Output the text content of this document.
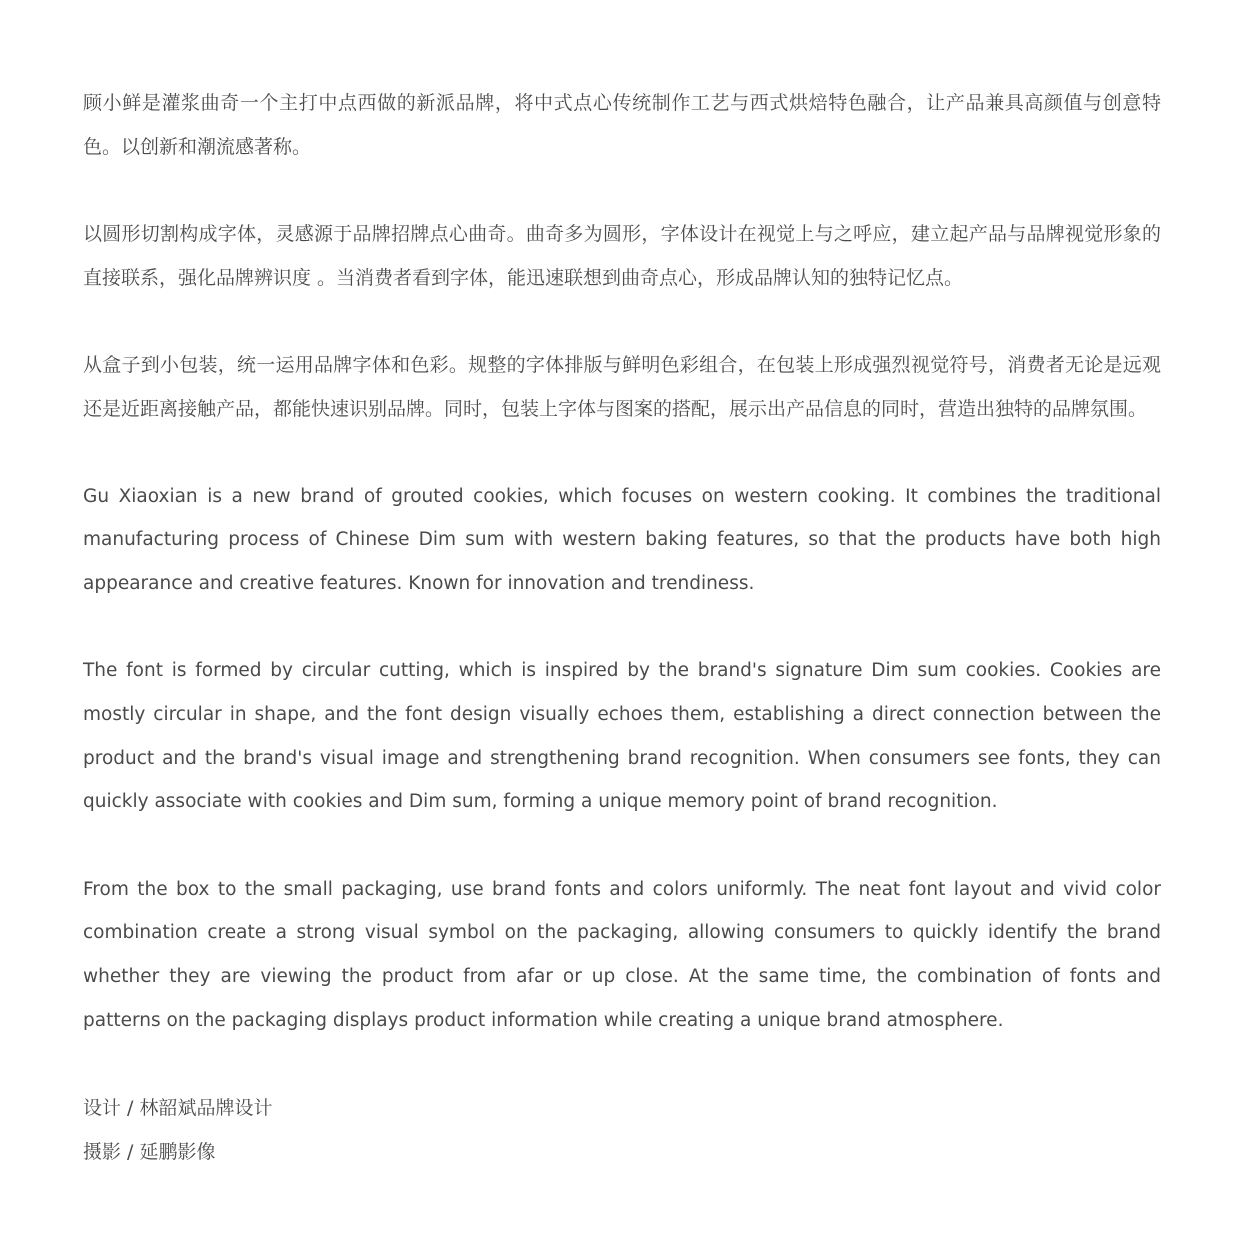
顾小鲜是灌浆曲奇一个主打中点西做的新派品牌，将中式点心传统制作工艺与西式烘焙特色融合，让产品兼具高颜值与创意特色。以创新和潮流感著称。

以圆形切割构成字体，灵感源于品牌招牌点心曲奇。曲奇多为圆形，字体设计在视觉上与之呼应，建立起产品与品牌视觉形象的直接联系，强化品牌辨识度 。当消费者看到字体，能迅速联想到曲奇点心，形成品牌认知的独特记忆点。

从盒子到小包装，统一运用品牌字体和色彩。规整的字体排版与鲜明色彩组合，在包装上形成强烈视觉符号，消费者无论是远观还是近距离接触产品，都能快速识别品牌。同时，包装上字体与图案的搭配，展示出产品信息的同时，营造出独特的品牌氛围。

Gu Xiaoxian is a new brand of grouted cookies, which focuses on western cooking. It combines the traditional manufacturing process of Chinese Dim sum with western baking features, so that the products have both high appearance and creative features. Known for innovation and trendiness.

The font is formed by circular cutting, which is inspired by the brand's signature Dim sum cookies. Cookies are mostly circular in shape, and the font design visually echoes them, establishing a direct connection between the product and the brand's visual image and strengthening brand recognition. When consumers see fonts, they can quickly associate with cookies and Dim sum, forming a unique memory point of brand recognition.

From the box to the small packaging, use brand fonts and colors uniformly. The neat font layout and vivid color combination create a strong visual symbol on the packaging, allowing consumers to quickly identify the brand whether they are viewing the product from afar or up close. At the same time, the combination of fonts and patterns on the packaging displays product information while creating a unique brand atmosphere.

设计 / 林韶斌品牌设计
摄影 / 延鹏影像
